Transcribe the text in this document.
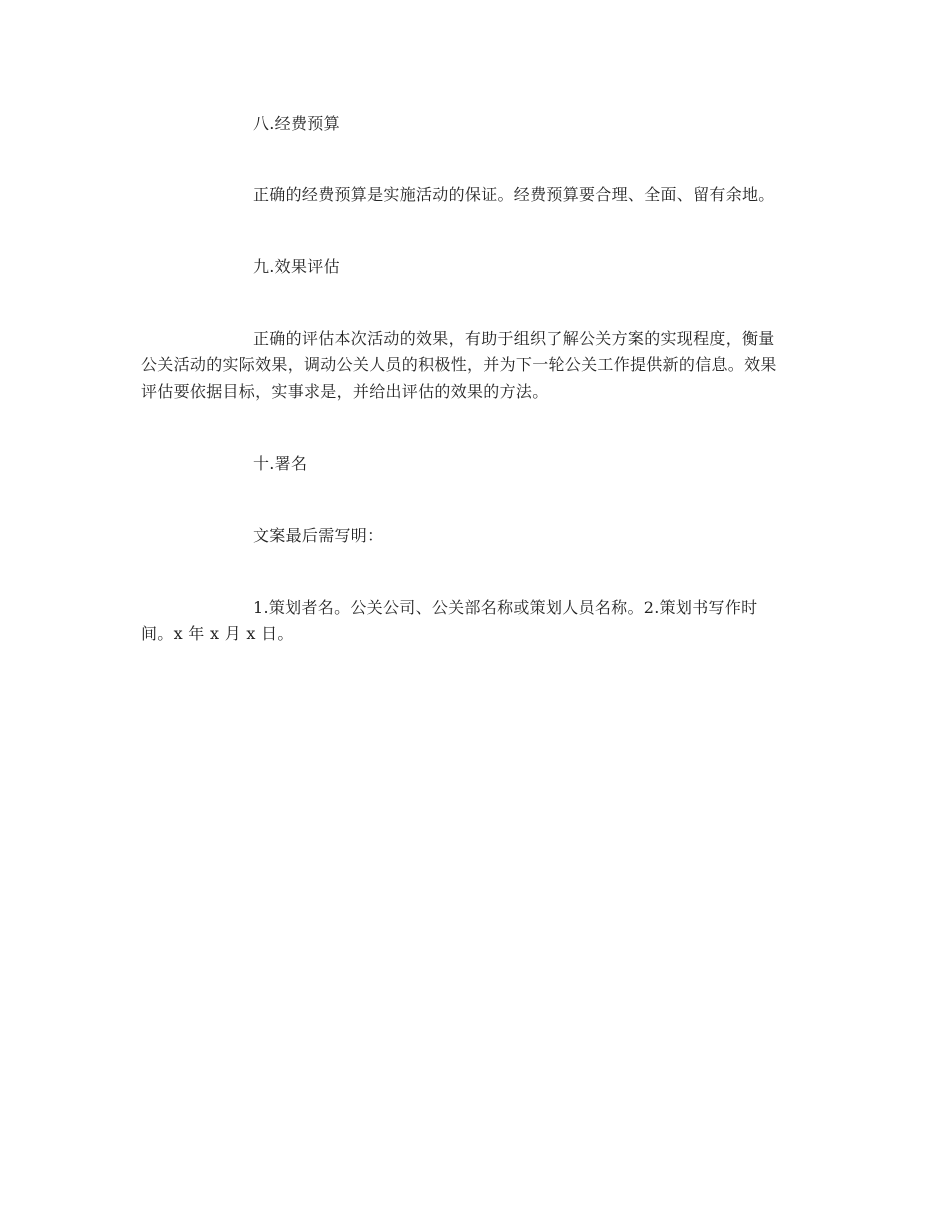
八.经费预算
正确的经费预算是实施活动的保证。经费预算要合理、全面、留有余地。
九.效果评估
正确的评估本次活动的效果，有助于组织了解公关方案的实现程度，衡量
公关活动的实际效果，调动公关人员的积极性，并为下一轮公关工作提供新的信息。效果
评估要依据目标，实事求是，并给出评估的效果的方法。
十.署名
文案最后需写明：
1.策划者名。公关公司、公关部名称或策划人员名称。2.策划书写作时
间。x 年 x 月 x 日。
